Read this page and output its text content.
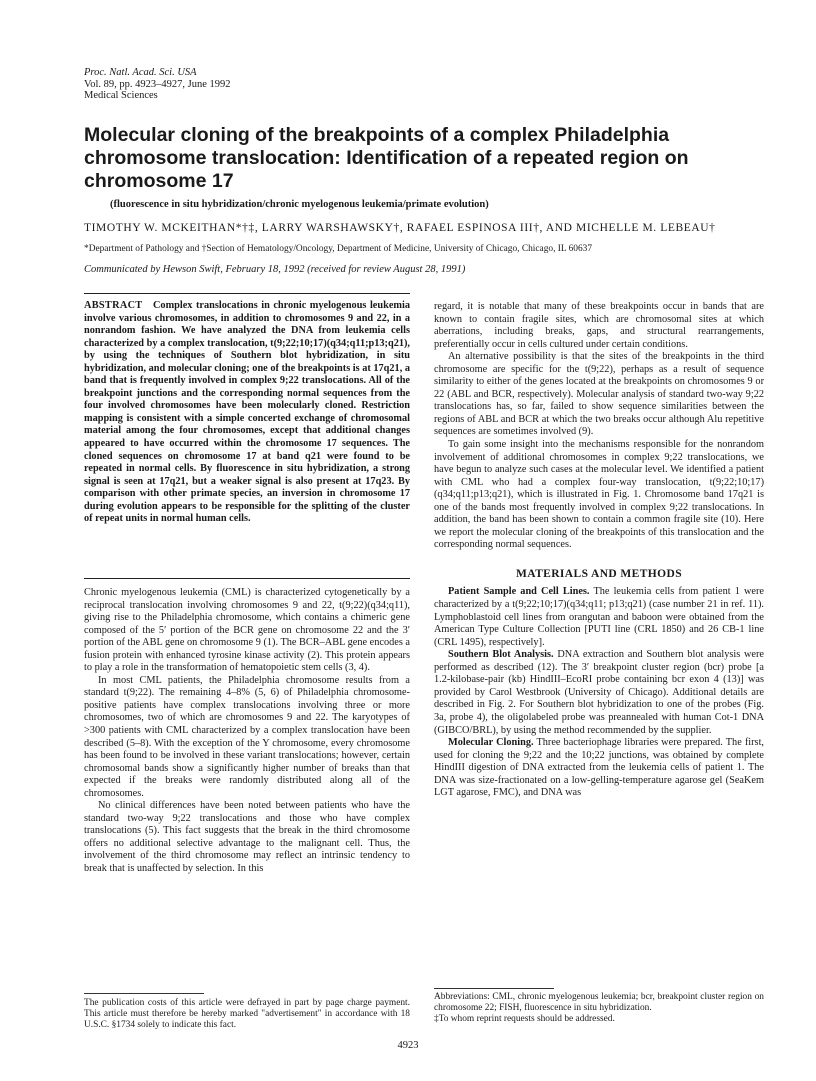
Proc. Natl. Acad. Sci. USA
Vol. 89, pp. 4923–4927, June 1992
Medical Sciences
Molecular cloning of the breakpoints of a complex Philadelphia chromosome translocation: Identification of a repeated region on chromosome 17
(fluorescence in situ hybridization/chronic myelogenous leukemia/primate evolution)
TIMOTHY W. MCKEITHAN*†‡, LARRY WARSHAWSKY†, RAFAEL ESPINOSA III†, AND MICHELLE M. LEBEAU†
*Department of Pathology and †Section of Hematology/Oncology, Department of Medicine, University of Chicago, Chicago, IL 60637
Communicated by Hewson Swift, February 18, 1992 (received for review August 28, 1991)

ABSTRACT Complex translocations in chronic myelogenous leukemia involve various chromosomes, in addition to chromosomes 9 and 22, in a nonrandom fashion. We have analyzed the DNA from leukemia cells characterized by a complex translocation, t(9;22;10;17)(q34;q11;p13;q21), by using the techniques of Southern blot hybridization, in situ hybridization, and molecular cloning; one of the breakpoints is at 17q21, a band that is frequently involved in complex 9;22 translocations. All of the breakpoint junctions and the corresponding normal sequences from the four involved chromosomes have been molecularly cloned. Restriction mapping is consistent with a simple concerted exchange of chromosomal material among the four chromosomes, except that additional changes appeared to have occurred within the chromosome 17 sequences. The cloned sequences on chromosome 17 at band q21 were found to be repeated in normal cells. By fluorescence in situ hybridization, a strong signal is seen at 17q21, but a weaker signal is also present at 17q23. By comparison with other primate species, an inversion in chromosome 17 during evolution appears to be responsible for the splitting of the cluster of repeat units in normal human cells.

Chronic myelogenous leukemia (CML) is characterized cytogenetically by a reciprocal translocation involving chromosomes 9 and 22, t(9;22)(q34;q11), giving rise to the Philadelphia chromosome, which contains a chimeric gene composed of the 5′ portion of the BCR gene on chromosome 22 and the 3′ portion of the ABL gene on chromosome 9 (1). The BCR–ABL gene encodes a fusion protein with enhanced tyrosine kinase activity (2). This protein appears to play a role in the transformation of hematopoietic stem cells (3, 4).

In most CML patients, the Philadelphia chromosome results from a standard t(9;22). The remaining 4–8% (5, 6) of Philadelphia chromosome-positive patients have complex translocations involving three or more chromosomes, two of which are chromosomes 9 and 22. The karyotypes of >300 patients with CML characterized by a complex translocation have been described (5–8). With the exception of the Y chromosome, every chromosome has been found to be involved in these variant translocations; however, certain chromosomal bands show a significantly higher number of breaks than that expected if the breaks were randomly distributed along all of the chromosomes.

No clinical differences have been noted between patients who have the standard two-way 9;22 translocations and those who have complex translocations (5). This fact suggests that the break in the third chromosome offers no additional selective advantage to the malignant cell. Thus, the involvement of the third chromosome may reflect an intrinsic tendency to break that is unaffected by selection. In this

regard, it is notable that many of these breakpoints occur in bands that are known to contain fragile sites, which are chromosomal sites at which aberrations, including breaks, gaps, and structural rearrangements, preferentially occur in cells cultured under certain conditions.

An alternative possibility is that the sites of the breakpoints in the third chromosome are specific for the t(9;22), perhaps as a result of sequence similarity to either of the genes located at the breakpoints on chromosomes 9 or 22 (ABL and BCR, respectively). Molecular analysis of standard two-way 9;22 translocations has, so far, failed to show sequence similarities between the regions of ABL and BCR at which the two breaks occur although Alu repetitive sequences are sometimes involved (9).

To gain some insight into the mechanisms responsible for the nonrandom involvement of additional chromosomes in complex 9;22 translocations, we have begun to analyze such cases at the molecular level. We identified a patient with CML who had a complex four-way translocation, t(9;22;10;17)(q34;q11;p13;q21), which is illustrated in Fig. 1. Chromosome band 17q21 is one of the bands most frequently involved in complex 9;22 translocations. In addition, the band has been shown to contain a common fragile site (10). Here we report the molecular cloning of the breakpoints of this translocation and the corresponding normal sequences.

MATERIALS AND METHODS

Patient Sample and Cell Lines. The leukemia cells from patient 1 were characterized by a t(9;22;10;17)(q34;q11; p13;q21) (case number 21 in ref. 11). Lymphoblastoid cell lines from orangutan and baboon were obtained from the American Type Culture Collection [PUTI line (CRL 1850) and 26 CB-1 line (CRL 1495), respectively].

Southern Blot Analysis. DNA extraction and Southern blot analysis were performed as described (12). The 3′ breakpoint cluster region (bcr) probe [a 1.2-kilobase-pair (kb) HindIII–EcoRI probe containing bcr exon 4 (13)] was provided by Carol Westbrook (University of Chicago). Additional details are described in Fig. 2. For Southern blot hybridization to one of the probes (Fig. 3a, probe 4), the oligolabeled probe was preannealed with human Cot-1 DNA (GIBCO/BRL), by using the method recommended by the supplier.

Molecular Cloning. Three bacteriophage libraries were prepared. The first, used for cloning the 9;22 and the 10;22 junctions, was obtained by complete HindIII digestion of DNA extracted from the leukemia cells of patient 1. The DNA was size-fractionated on a low-gelling-temperature agarose gel (SeaKem LGT agarose, FMC), and DNA was

The publication costs of this article were defrayed in part by page charge payment. This article must therefore be hereby marked "advertisement" in accordance with 18 U.S.C. §1734 solely to indicate this fact.
Abbreviations: CML, chronic myelogenous leukemia; bcr, breakpoint cluster region on chromosome 22; FISH, fluorescence in situ hybridization.
‡To whom reprint requests should be addressed.
4923
